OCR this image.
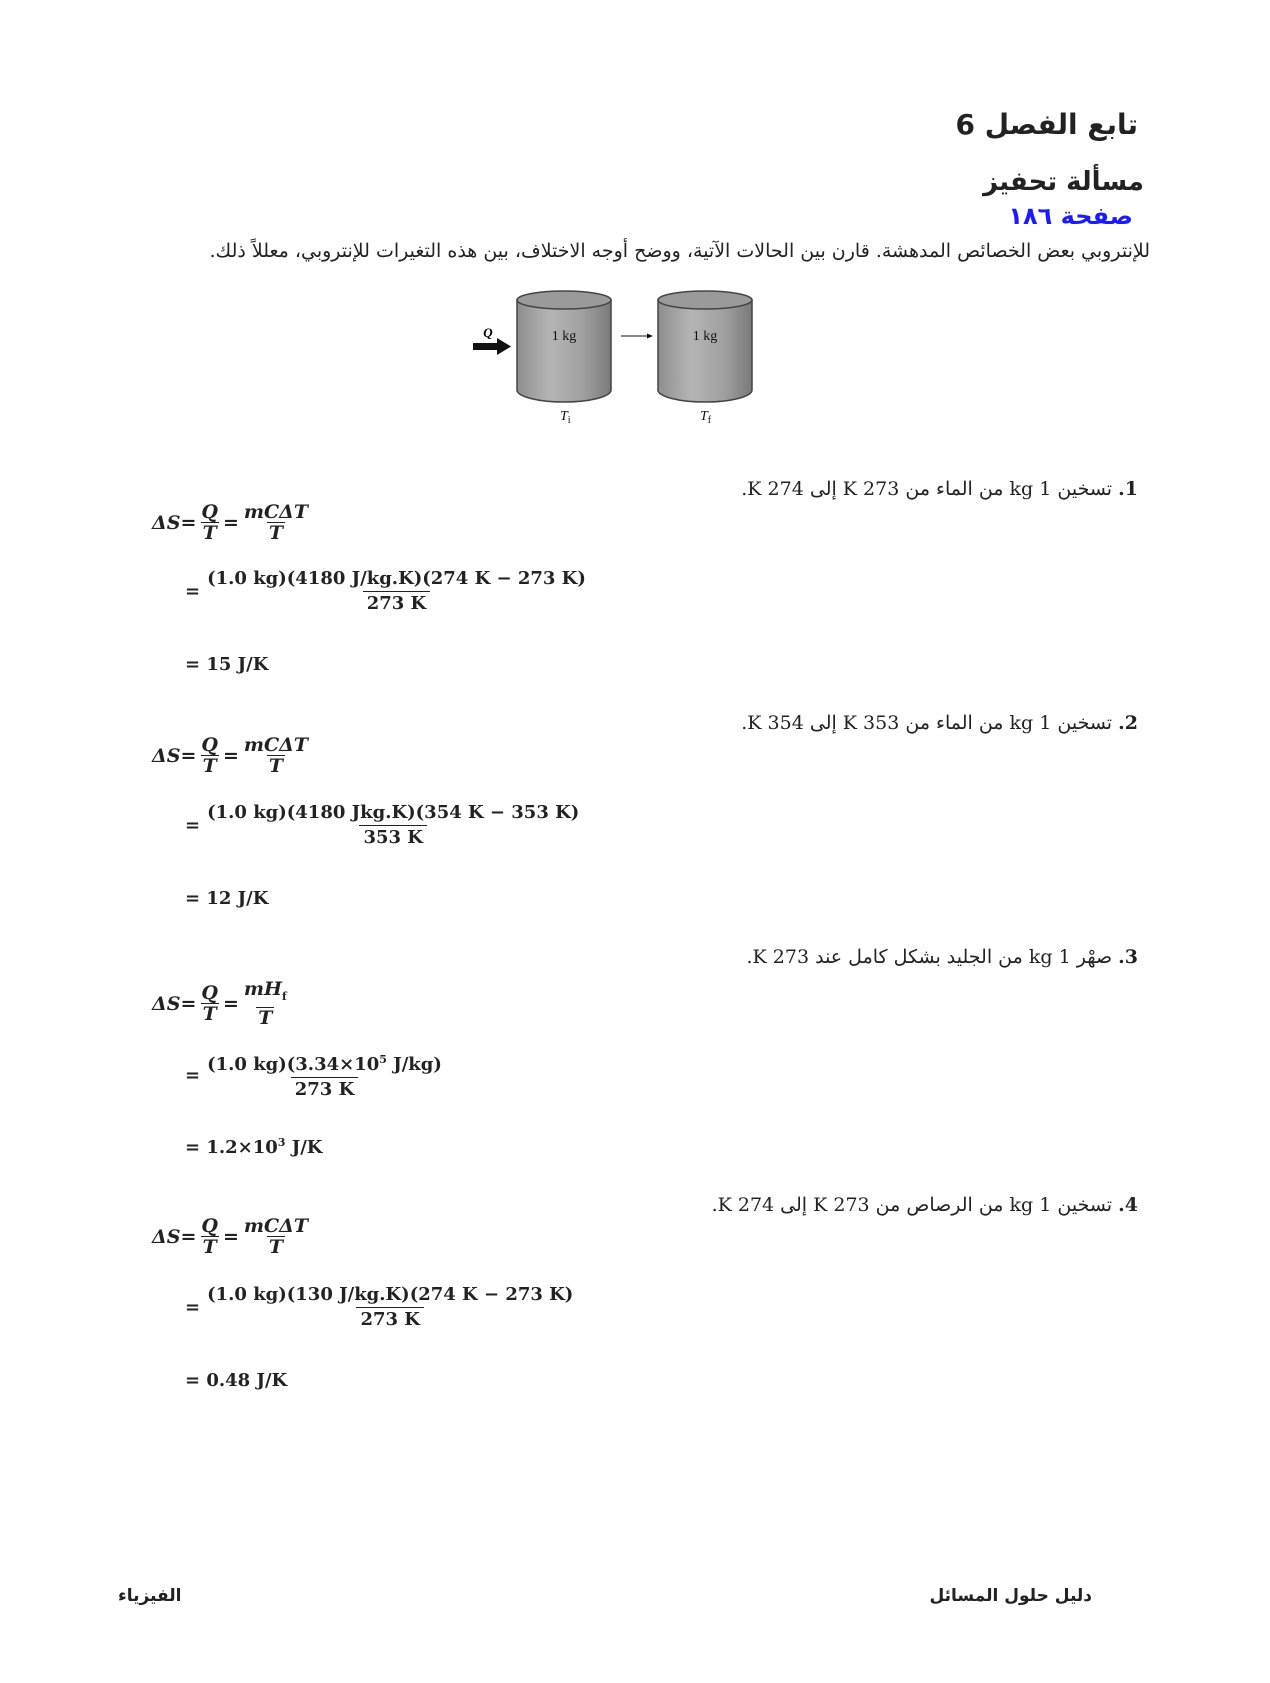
تابع الفصل 6
مسألة تحفيز
صفحة ١٨٦
للإنتروبي بعض الخصائص المدهشة. قارن بين الحالات الآتية، ووضح أوجه الاختلاف، بين هذه التغيرات للإنتروبي، معللاً ذلك.
Q	1 kg	1 kg
$T_i$	$T_f$
1. تسخين 1 kg من الماء من 273 K إلى 274 K.
$\Delta S = \frac{Q}{T} = \frac{\text{mCΔT}}{T}$
= $\frac{(1.0 kg)(4180 J/kg.K)(274 K - 273 K)}{273 K}$
= 15 J/K
2. تسخين 1 kg من الماء من 353 K إلى 354 K.
$\Delta S = \frac{Q}{T} = \frac{\text{mCΔT}}{T}$
= $\frac{\text{(1.0 kg)(4180 Jkg.K)(354 K − 353 K)}}{353 K}$
= 12 J/K
3. صهْر 1 kg من الجليد بشكل كامل عند 273 K.
$\Delta S = \frac{Q}{T} = \frac{mH_f}{T}$
= $\frac{(1.0 kg)(3.34\times 10^5 J/kg)}{273 K}$
= $1.2\times 10^3$ J/K
4. تسخين 1 kg من الرصاص من 273 K إلى 274 K.
$\Delta S = \frac{Q}{T} = \frac{\text{mCΔT}}{T}$
= $\frac{(1.0 kg)(130 J/kg.K)(274 K - 273 K)}{273 K}$
= 0.48 J/K
دليل حلول المسائل
الفيزياء
